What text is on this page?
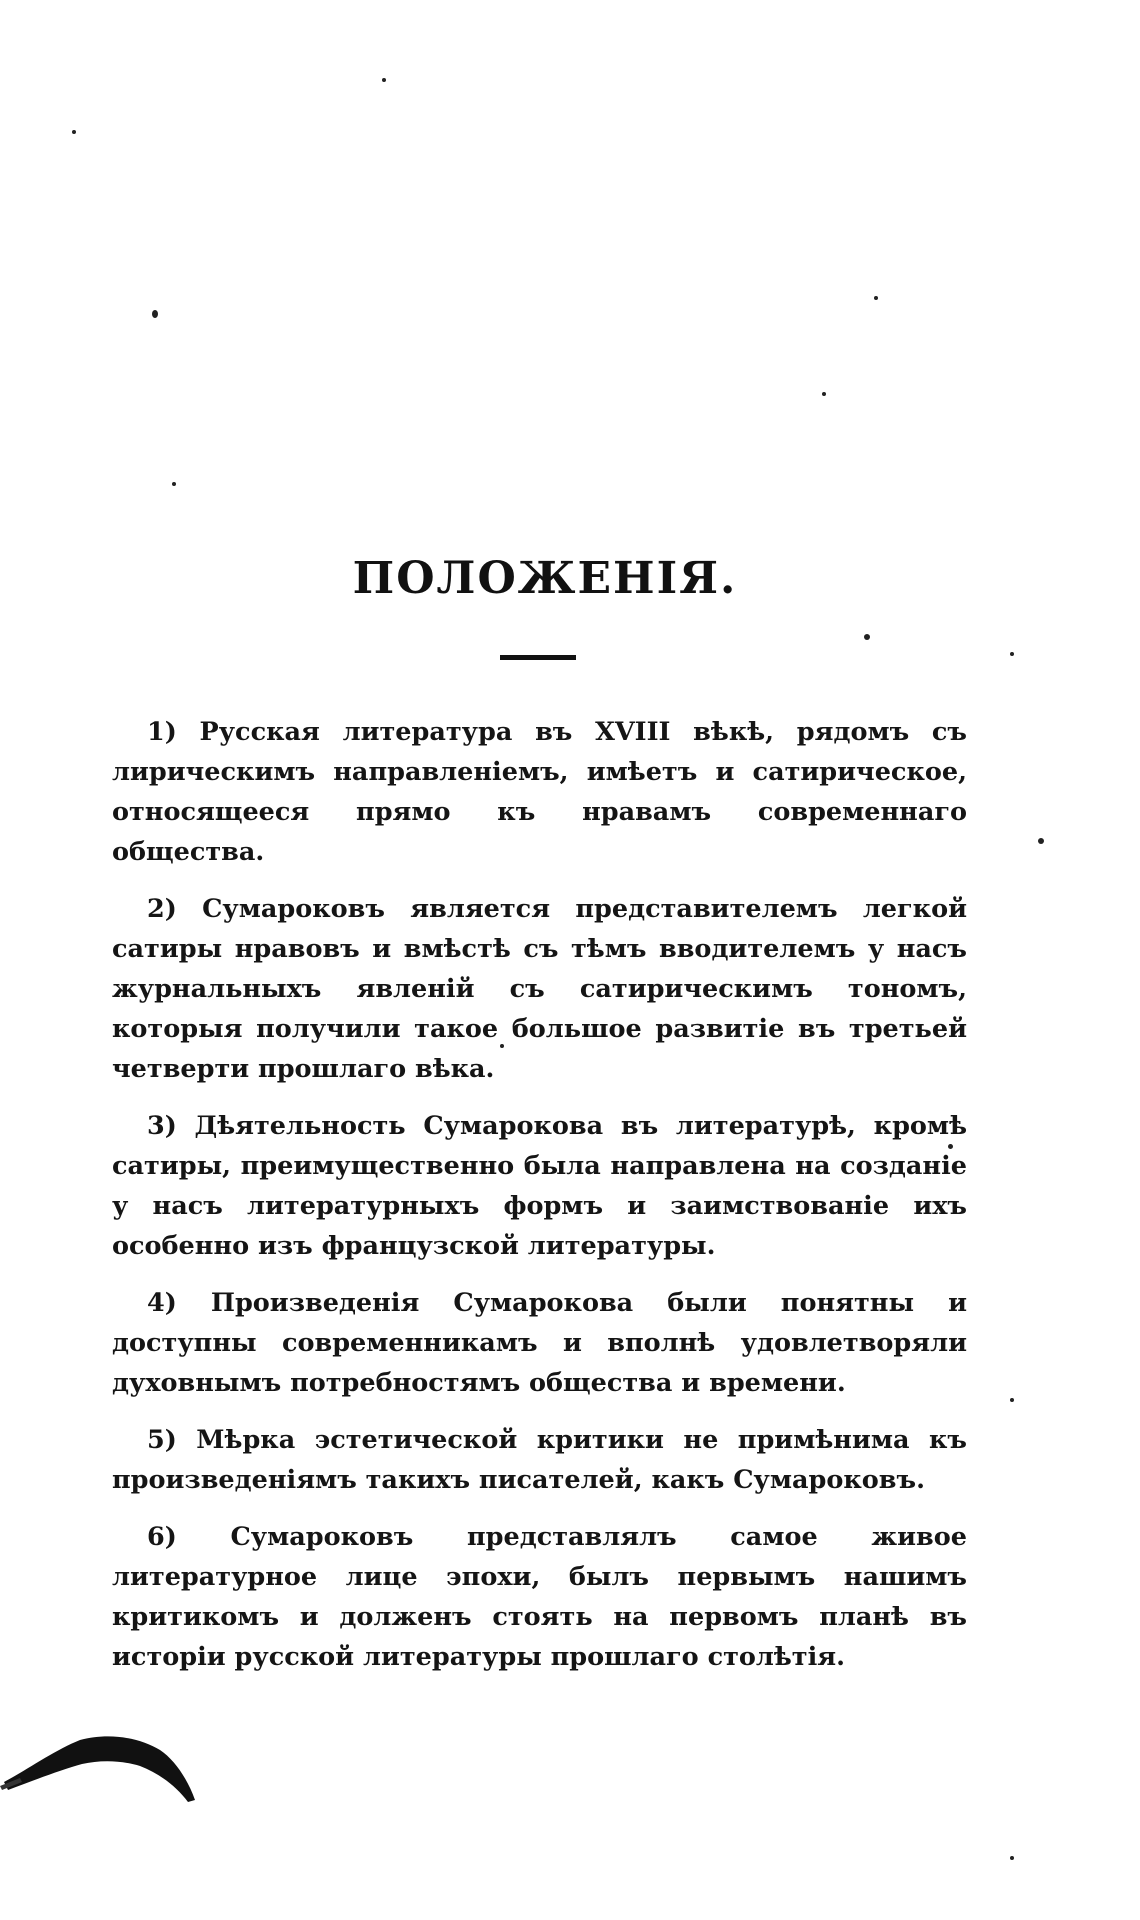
ПОЛОЖЕНІЯ.

1) Русская литература въ XVIII вѣкѣ, рядомъ съ лирическимъ направленіемъ, имѣетъ и сатирическое, относящееся прямо къ нравамъ современнаго общества.

2) Сумароковъ является представителемъ легкой сатиры нравовъ и вмѣстѣ съ тѣмъ вводителемъ у насъ журнальныхъ явленій съ сатирическимъ тономъ, которыя получили такое большое развитіе въ третьей четверти прошлаго вѣка.

3) Дѣятельность Сумарокова въ литературѣ, кромѣ сатиры, преимущественно была направлена на созданіе у насъ литературныхъ формъ и заимствованіе ихъ особенно изъ французской литературы.

4) Произведенія Сумарокова были понятны и доступны современникамъ и вполнѣ удовлетворяли духовнымъ потребностямъ общества и времени.

5) Мѣрка эстетической критики не примѣнима къ произведеніямъ такихъ писателей, какъ Сумароковъ.

6) Сумароковъ представлялъ самое живое литературное лице эпохи, былъ первымъ нашимъ критикомъ и долженъ стоять на первомъ планѣ въ исторіи русской литературы прошлаго столѣтія.
